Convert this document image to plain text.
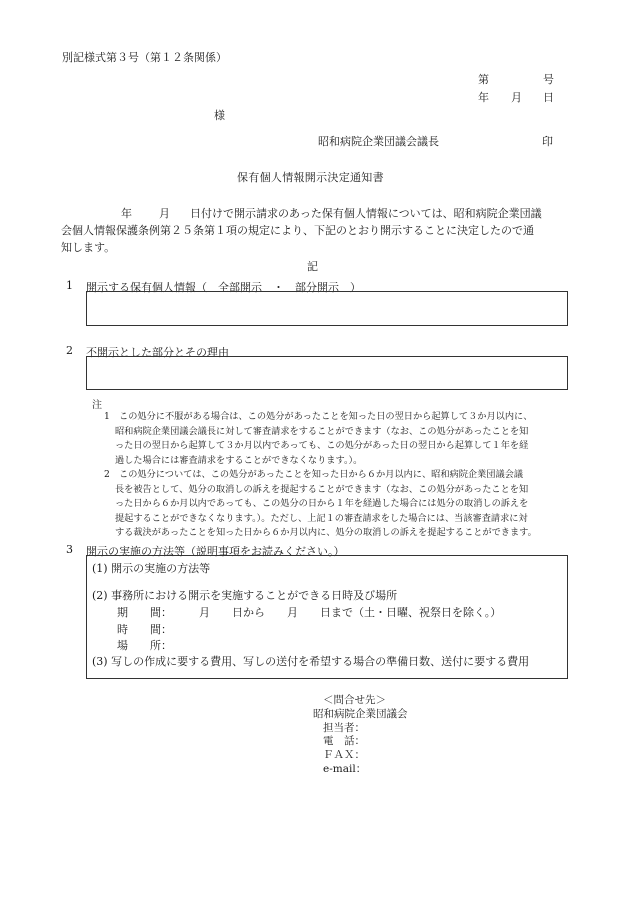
別記様式第３号（第１２条関係）
第	号
年 月 日
様
昭和病院企業団議会議長	印
保有個人情報開示決定通知書
年 月 日付けで開示請求のあった保有個人情報については、昭和病院企業団議
会個人情報保護条例第２５条第１項の規定により、下記のとおり開示することに決定したので通
知します。
記
1 開示する保有個人情報（　全部開示　・　部分開示　）
2 不開示とした部分とその理由
注

1　この処分に不服がある場合は、この処分があったことを知った日の翌日から起算して３か月以内に、

昭和病院企業団議会議長に対して審査請求をすることができます（なお、この処分があったことを知

った日の翌日から起算して３か月以内であっても、この処分があった日の翌日から起算して１年を経

過した場合には審査請求をすることができなくなります。）。

2　この処分については、この処分があったことを知った日から６か月以内に、昭和病院企業団議会議

長を被告として、処分の取消しの訴えを提起することができます（なお、この処分があったことを知

った日から６か月以内であっても、この処分の日から１年を経過した場合には処分の取消しの訴えを

提起することができなくなります。）。ただし、上記１の審査請求をした場合には、当該審査請求に対

する裁決があったことを知った日から６か月以内に、処分の取消しの訴えを提起することができます。

3 開示の実施の方法等（説明事項をお読みください。）
(1) 開示の実施の方法等
(2) 事務所における開示を実施することができる日時及び場所
期　　間： 月　　日から　　月　　日まで（土・日曜、祝祭日を除く。）
時　　間：
場　　所：
(3) 写しの作成に要する費用、写しの送付を希望する場合の準備日数、送付に要する費用
＜問合せ先＞
昭和病院企業団議会
担当者：
電　話：
ＦＡＸ：
e-mail：
